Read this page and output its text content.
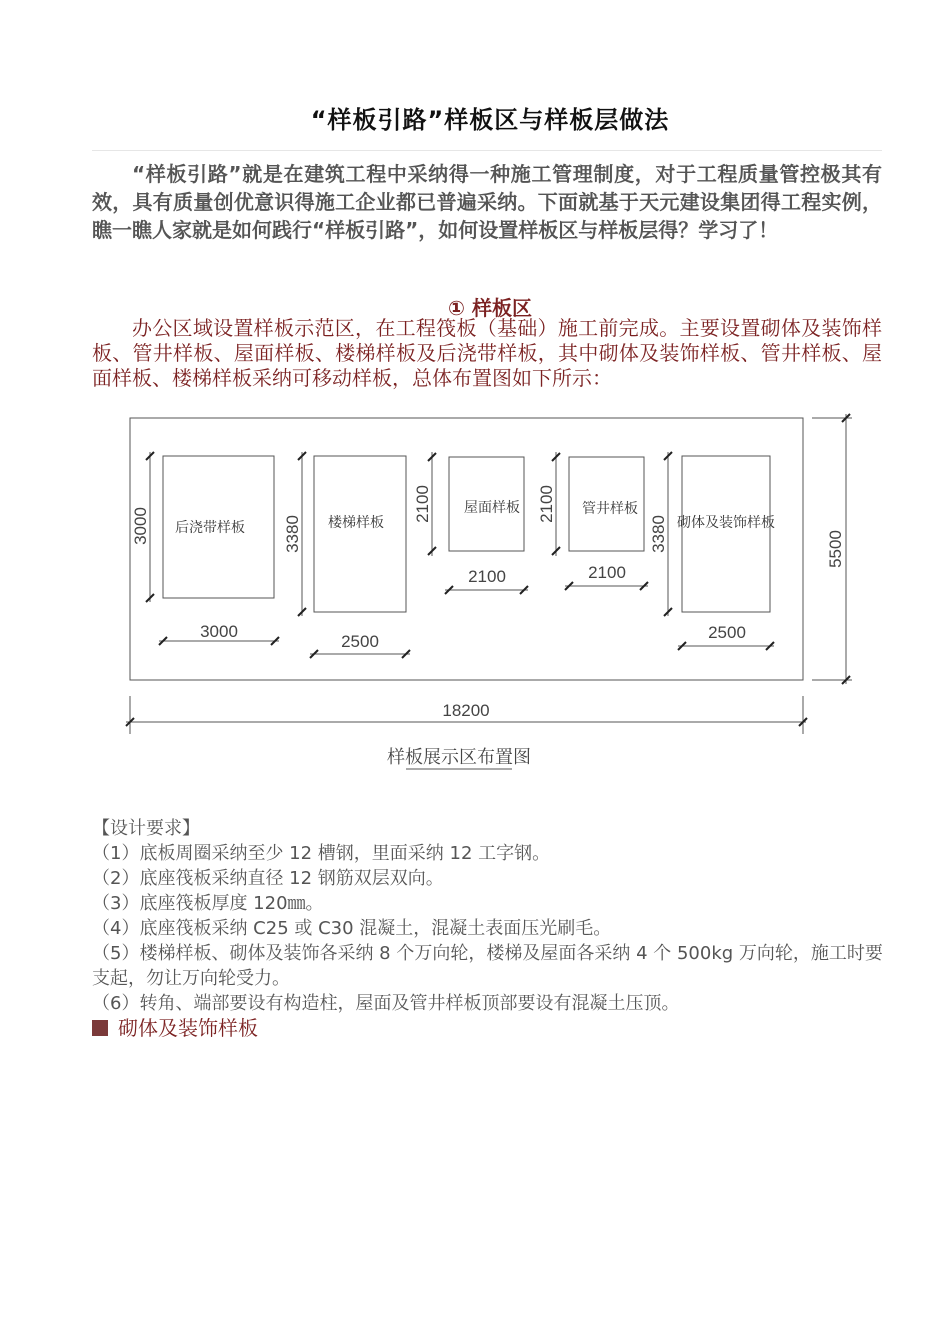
“样板引路”样板区与样板层做法

“样板引路”就是在建筑工程中采纳得一种施工管理制度，对于工程质量管控极其有效，具有质量创优意识得施工企业都已普遍采纳。下面就基于天元建设集团得工程实例，瞧一瞧人家就是如何践行“样板引路”，如何设置样板区与样板层得？学习了！

① 样板区

办公区域设置样板示范区，在工程筏板（基础）施工前完成。主要设置砌体及装饰样板、管井样板、屋面样板、楼梯样板及后浇带样板，其中砌体及装饰样板、管井样板、屋面样板、楼梯样板采纳可移动样板，总体布置图如下所示：

后浇带样板	楼梯样板
屋面样板	管井样板
砌体及装饰样板
3000
2500
2100	2100
2500
18200
3000	3380
2100	2100
3380	5500
样板展示区布置图
【设计要求】
（1）底板周圈采纳至少 12 槽钢，里面采纳 12 工字钢。
（2）底座筏板采纳直径 12 钢筋双层双向。
（3）底座筏板厚度 120㎜。
（4）底座筏板采纳 C25 或 C30 混凝土，混凝土表面压光刷毛。
（5）楼梯样板、砌体及装饰各采纳 8 个万向轮，楼梯及屋面各采纳 4 个 500kg 万向轮，施工时要支起，勿让万向轮受力。
（6）转角、端部要设有构造柱，屋面及管井样板顶部要设有混凝土压顶。
砌体及装饰样板
